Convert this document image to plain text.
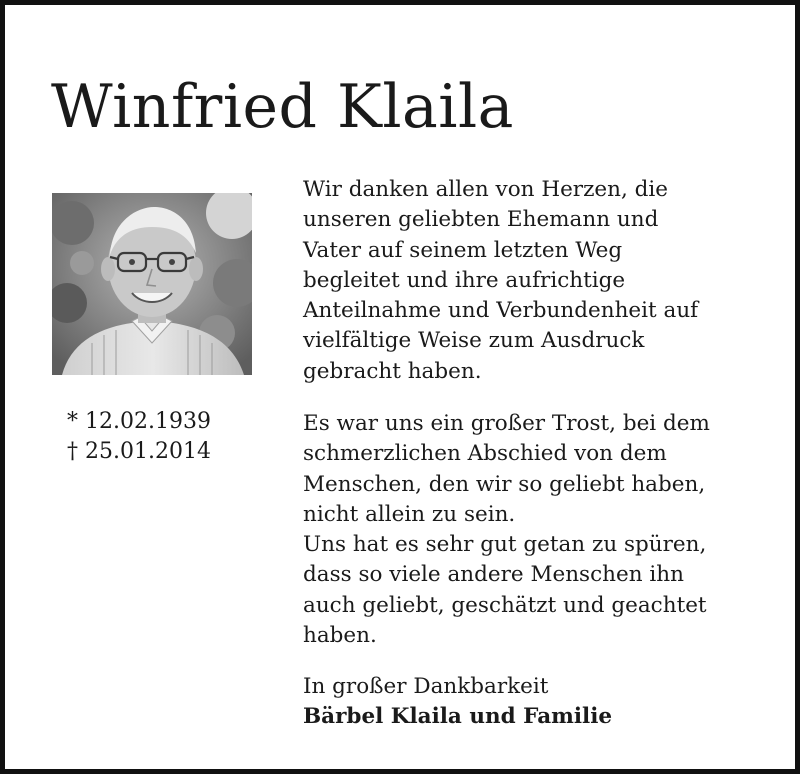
Winfried Klaila
* 12.02.1939
† 25.01.2014
Wir danken allen von Herzen, die
unseren geliebten Ehemann und
Vater auf seinem letzten Weg
begleitet und ihre aufrichtige
Anteilnahme und Verbundenheit auf
vielfältige Weise zum Ausdruck
gebracht haben.
Es war uns ein großer Trost, bei dem
schmerzlichen Abschied von dem
Menschen, den wir so geliebt haben,
nicht allein zu sein.
Uns hat es sehr gut getan zu spüren,
dass so viele andere Menschen ihn
auch geliebt, geschätzt und geachtet
haben.
In großer Dankbarkeit
Bärbel Klaila und Familie
